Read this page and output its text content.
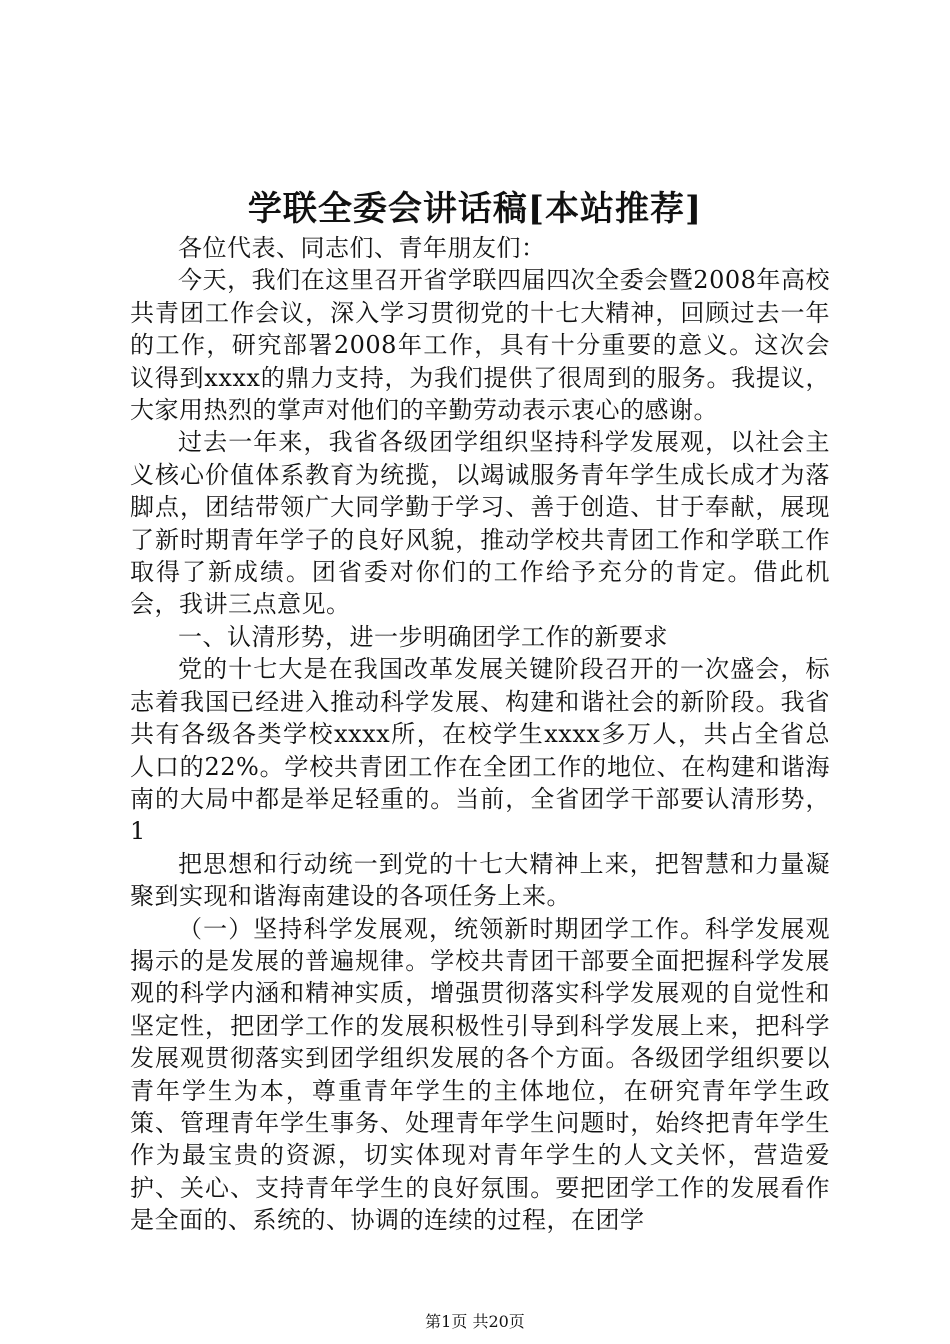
学联全委会讲话稿[本站推荐]

各位代表、同志们、青年朋友们：

今天，我们在这里召开省学联四届四次全委会暨2008年高校共青团工作会议，深入学习贯彻党的十七大精神，回顾过去一年的工作，研究部署2008年工作，具有十分重要的意义。这次会议得到xxxx的鼎力支持，为我们提供了很周到的服务。我提议，大家用热烈的掌声对他们的辛勤劳动表示衷心的感谢。

过去一年来，我省各级团学组织坚持科学发展观，以社会主义核心价值体系教育为统揽，以竭诚服务青年学生成长成才为落脚点，团结带领广大同学勤于学习、善于创造、甘于奉献，展现了新时期青年学子的良好风貌，推动学校共青团工作和学联工作取得了新成绩。团省委对你们的工作给予充分的肯定。借此机会，我讲三点意见。

一、认清形势，进一步明确团学工作的新要求

党的十七大是在我国改革发展关键阶段召开的一次盛会，标志着我国已经进入推动科学发展、构建和谐社会的新阶段。我省共有各级各类学校xxxx所，在校学生xxxx多万人，共占全省总人口的22%。学校共青团工作在全团工作的地位、在构建和谐海南的大局中都是举足轻重的。当前，全省团学干部要认清形势，1

把思想和行动统一到党的十七大精神上来，把智慧和力量凝聚到实现和谐海南建设的各项任务上来。

（一）坚持科学发展观，统领新时期团学工作。科学发展观揭示的是发展的普遍规律。学校共青团干部要全面把握科学发展观的科学内涵和精神实质，增强贯彻落实科学发展观的自觉性和坚定性，把团学工作的发展积极性引导到科学发展上来，把科学发展观贯彻落实到团学组织发展的各个方面。各级团学组织要以青年学生为本，尊重青年学生的主体地位，在研究青年学生政策、管理青年学生事务、处理青年学生问题时，始终把青年学生作为最宝贵的资源，切实体现对青年学生的人文关怀，营造爱护、关心、支持青年学生的良好氛围。要把团学工作的发展看作是全面的、系统的、协调的连续的过程，在团学

第1页 共20页
